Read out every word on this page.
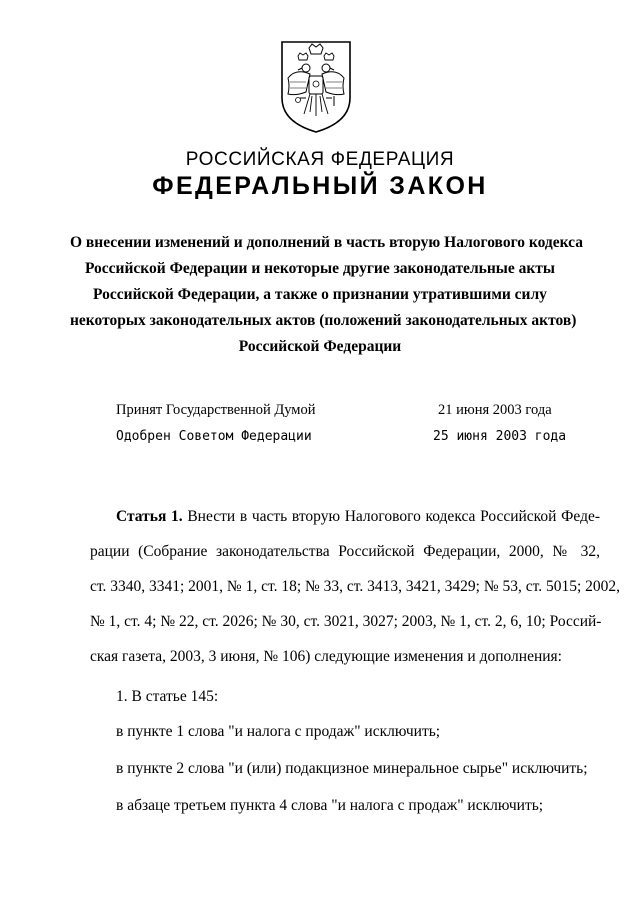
РОССИЙСКАЯ ФЕДЕРАЦИЯ
ФЕДЕРАЛЬНЫЙ ЗАКОН
О внесении изменений и дополнений в часть вторую Налогового кодекса
Российской Федерации и некоторые другие законодательные акты
Российской Федерации, а также о признании утратившими силу
некоторых законодательных актов (положений законодательных актов)
Российской Федерации
Принят Государственной Думой	21 июня 2003 года
Одобрен Советом Федерации	25 июня 2003 года
Статья 1. Внести в часть вторую Налогового кодекса Российской Феде-
рации (Собрание законодательства Российской Федерации, 2000, № 32,
ст. 3340, 3341; 2001, № 1, ст. 18; № 33, ст. 3413, 3421, 3429; № 53, ст. 5015; 2002,
№ 1, ст. 4; № 22, ст. 2026; № 30, ст. 3021, 3027; 2003, № 1, ст. 2, 6, 10; Россий-
ская газета, 2003, 3 июня, № 106) следующие изменения и дополнения:
1. В статье 145:
в пункте 1 слова "и налога с продаж" исключить;
в пункте 2 слова "и (или) подакцизное минеральное сырье" исключить;
в абзаце третьем пункта 4 слова "и налога с продаж" исключить;
